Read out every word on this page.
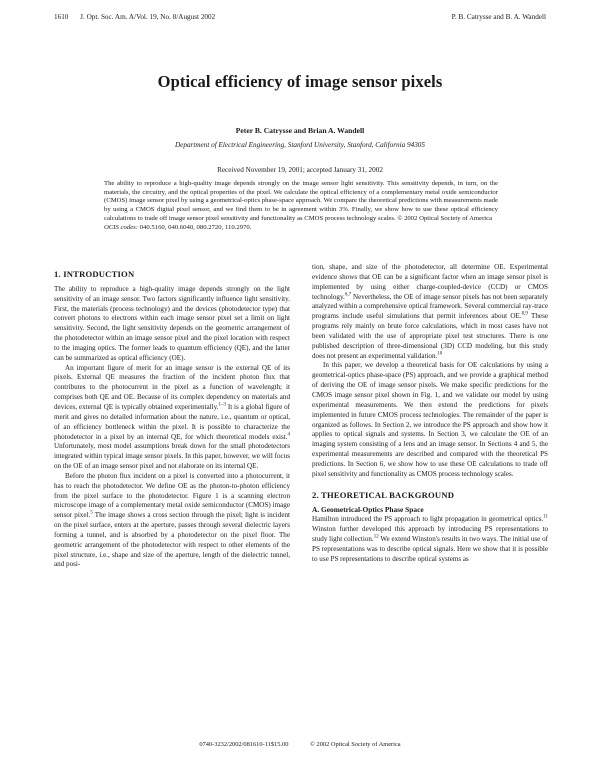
1610 J. Opt. Soc. Am. A/Vol. 19, No. 8/August 2002	P. B. Catrysse and B. A. Wandell
Optical efficiency of image sensor pixels
Peter B. Catrysse and Brian A. Wandell
Department of Electrical Engineering, Stanford University, Stanford, California 94305
Received November 19, 2001; accepted January 31, 2002

The ability to reproduce a high-quality image depends strongly on the image sensor light sensitivity. This sensitivity depends, in turn, on the materials, the circuitry, and the optical properties of the pixel. We calculate the optical efficiency of a complementary metal oxide semiconductor (CMOS) image sensor pixel by using a geometrical-optics phase-space approach. We compare the theoretical predictions with measurements made by using a CMOS digital pixel sensor, and we find them to be in agreement within 3%. Finally, we show how to use these optical efficiency calculations to trade off image sensor pixel sensitivity and functionality as CMOS process technology scales. © 2002 Optical Society of America

OCIS codes: 040.5160, 040.6040, 080.2720, 110.2970.

1. INTRODUCTION

The ability to reproduce a high-quality image depends strongly on the light sensitivity of an image sensor. Two factors significantly influence light sensitivity. First, the materials (process technology) and the devices (photodetector type) that convert photons to electrons within each image sensor pixel set a limit on light sensitivity. Second, the light sensitivity depends on the geometric arrangement of the photodetector within an image sensor pixel and the pixel location with respect to the imaging optics. The former leads to quantum efficiency (QE), and the latter can be summarized as optical efficiency (OE).

An important figure of merit for an image sensor is the external QE of its pixels. External QE measures the fraction of the incident photon flux that contributes to the photocurrent in the pixel as a function of wavelength; it comprises both QE and OE. Because of its complex dependency on materials and devices, external QE is typically obtained experimentally.$^{1-3}$ It is a global figure of merit and gives no detailed information about the nature, i.e., quantum or optical, of an efficiency bottleneck within the pixel. It is possible to characterize the photodetector in a pixel by an internal QE, for which theoretical models exist.$^4$ Unfortunately, most model assumptions break down for the small photodetectors integrated within typical image sensor pixels. In this paper, however, we will focus on the OE of an image sensor pixel and not elaborate on its internal QE.

Before the photon flux incident on a pixel is converted into a photocurrent, it has to reach the photodetector. We define OE as the photon-to-photon efficiency from the pixel surface to the photodetector. Figure 1 is a scanning electron microscope image of a complementary metal oxide semiconductor (CMOS) image sensor pixel.$^5$ The image shows a cross section through the pixel; light is incident on the pixel surface, enters at the aperture, passes through several dielectric layers forming a tunnel, and is absorbed by a photodetector on the pixel floor. The geometric arrangement of the photodetector with respect to other elements of the pixel structure, i.e., shape and size of the aperture, length of the dielectric tunnel, and posi-

tion, shape, and size of the photodetector, all determine OE. Experimental evidence shows that OE can be a significant factor when an image sensor pixel is implemented by using either charge-coupled-device (CCD) or CMOS technology.$^{6,7}$ Nevertheless, the OE of image sensor pixels has not been separately analyzed within a comprehensive optical framework. Several commercial ray-trace programs include useful simulations that permit inferences about OE.$^{8,9}$ These programs rely mainly on brute force calculations, which in most cases have not been validated with the use of appropriate pixel test structures. There is one published description of three-dimensional (3D) CCD modeling, but this study does not present an experimental validation.$^{10}$

In this paper, we develop a theoretical basis for OE calculations by using a geometrical-optics phase-space (PS) approach, and we provide a graphical method of deriving the OE of image sensor pixels. We make specific predictions for the CMOS image sensor pixel shown in Fig. 1, and we validate our model by using experimental measurements. We then extend the predictions for pixels implemented in future CMOS process technologies. The remainder of the paper is organized as follows. In Section 2, we introduce the PS approach and show how it applies to optical signals and systems. In Section 3, we calculate the OE of an imaging system consisting of a lens and an image sensor. In Sections 4 and 5, the experimental measurements are described and compared with the theoretical PS predictions. In Section 6, we show how to use these OE calculations to trade off pixel sensitivity and functionality as CMOS process technology scales.

2. THEORETICAL BACKGROUND
A. Geometrical-Optics Phase Space

Hamilton introduced the PS approach to light propagation in geometrical optics.$^{11}$ Winston further developed this approach by introducing PS representations to study light collection.$^{12}$ We extend Winston's results in two ways. The initial use of PS representations was to describe optical signals. Here we show that it is possible to use PS representations to describe optical systems as

0740-3232/2002/081610-11$15.00	© 2002 Optical Society of America
